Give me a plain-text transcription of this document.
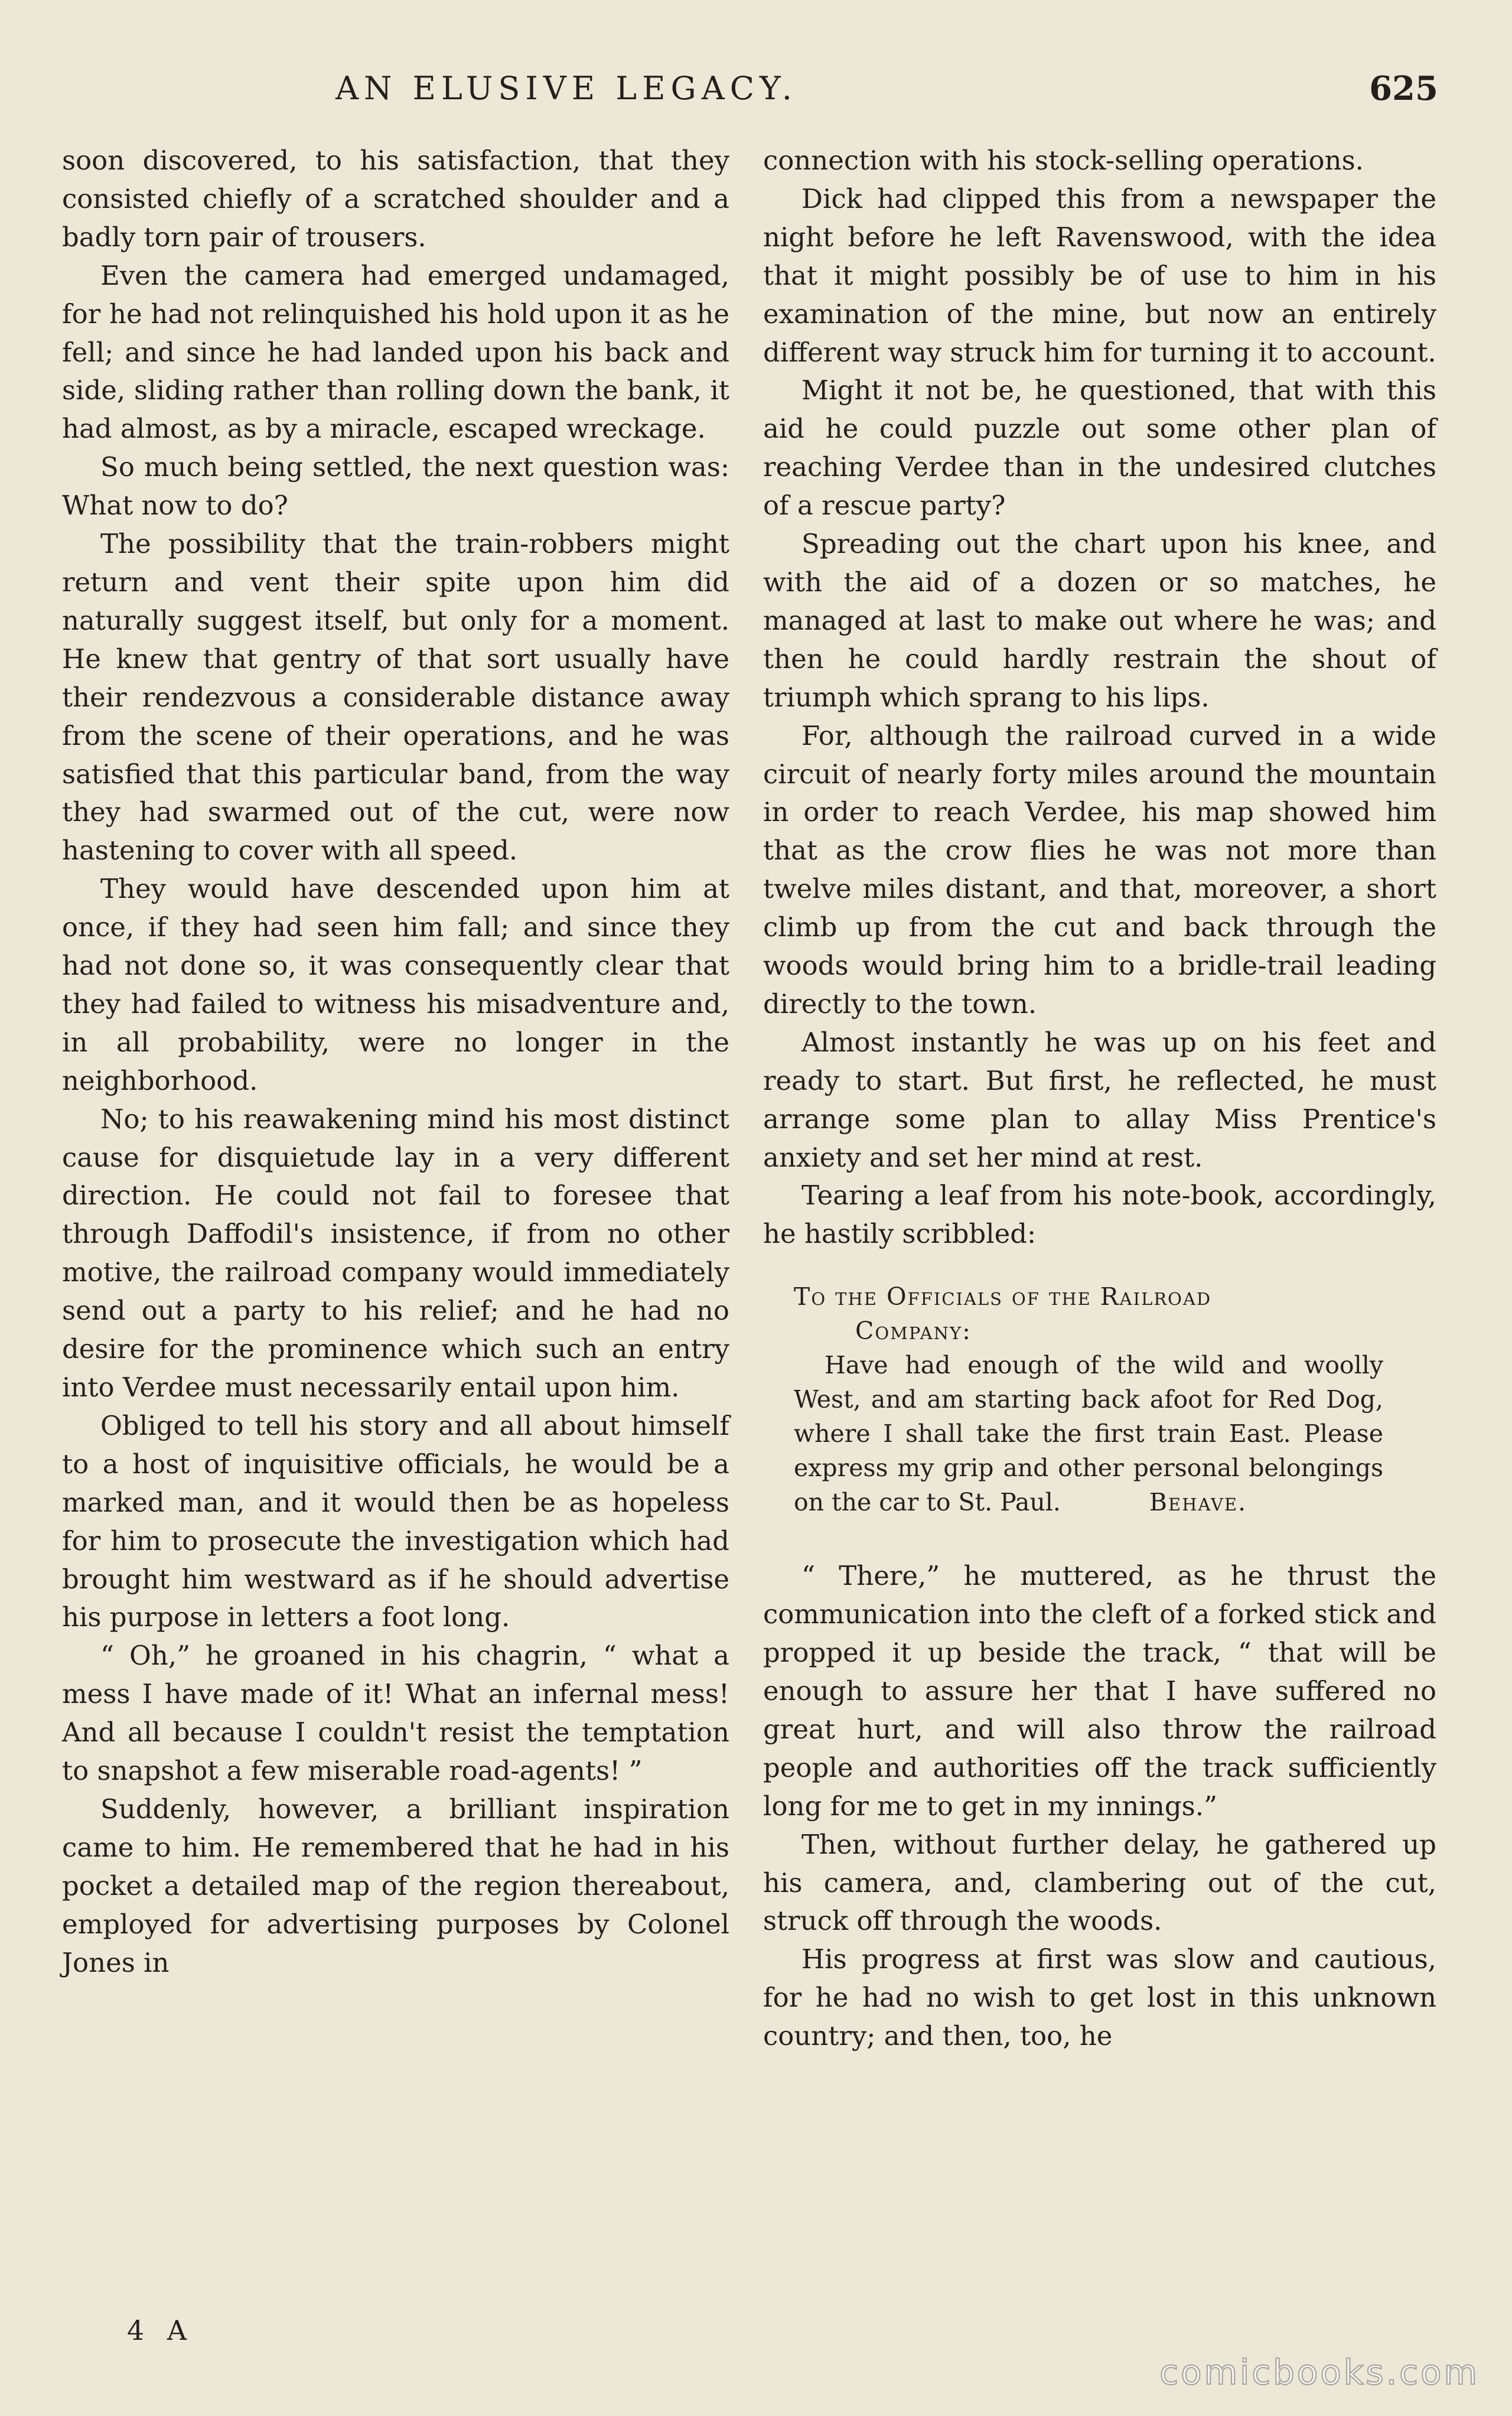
AN ELUSIVE LEGACY.	625

soon discovered, to his satisfaction, that they consisted chiefly of a scratched shoulder and a badly torn pair of trousers.

Even the camera had emerged undamaged, for he had not relinquished his hold upon it as he fell; and since he had landed upon his back and side, sliding rather than rolling down the bank, it had almost, as by a miracle, escaped wreckage.

So much being settled, the next question was: What now to do?

The possibility that the train-robbers might return and vent their spite upon him did naturally suggest itself, but only for a moment. He knew that gentry of that sort usually have their rendezvous a considerable distance away from the scene of their operations, and he was satisfied that this particular band, from the way they had swarmed out of the cut, were now hastening to cover with all speed.

They would have descended upon him at once, if they had seen him fall; and since they had not done so, it was consequently clear that they had failed to witness his misadventure and, in all probability, were no longer in the neighborhood.

No; to his reawakening mind his most distinct cause for disquietude lay in a very different direction. He could not fail to foresee that through Daffodil's insistence, if from no other motive, the railroad company would immediately send out a party to his relief; and he had no desire for the prominence which such an entry into Verdee must necessarily entail upon him.

Obliged to tell his story and all about himself to a host of inquisitive officials, he would be a marked man, and it would then be as hopeless for him to prosecute the investigation which had brought him westward as if he should advertise his purpose in letters a foot long.

“ Oh,” he groaned in his chagrin, “ what a mess I have made of it! What an infernal mess! And all because I couldn't resist the temptation to snapshot a few miserable road-agents! ”

Suddenly, however, a brilliant inspiration came to him. He remembered that he had in his pocket a detailed map of the region thereabout, employed for advertising purposes by Colonel Jones in

connection with his stock-selling operations.

Dick had clipped this from a newspaper the night before he left Ravenswood, with the idea that it might possibly be of use to him in his examination of the mine, but now an entirely different way struck him for turning it to account.

Might it not be, he questioned, that with this aid he could puzzle out some other plan of reaching Verdee than in the undesired clutches of a rescue party?

Spreading out the chart upon his knee, and with the aid of a dozen or so matches, he managed at last to make out where he was; and then he could hardly restrain the shout of triumph which sprang to his lips.

For, although the railroad curved in a wide circuit of nearly forty miles around the mountain in order to reach Verdee, his map showed him that as the crow flies he was not more than twelve miles distant, and that, moreover, a short climb up from the cut and back through the woods would bring him to a bridle-trail leading directly to the town.

Almost instantly he was up on his feet and ready to start. But first, he reflected, he must arrange some plan to allay Miss Prentice's anxiety and set her mind at rest.

Tearing a leaf from his note-book, accordingly, he hastily scribbled:

To the Officials of the Railroad
Company:

Have had enough of the wild and woolly West, and am starting back afoot for Red Dog, where I shall take the first train East. Please express my grip and other personal belongings on the car to St. Paul.	Behave.

“ There,” he muttered, as he thrust the communication into the cleft of a forked stick and propped it up beside the track, “ that will be enough to assure her that I have suffered no great hurt, and will also throw the railroad people and authorities off the track sufficiently long for me to get in my innings.”

Then, without further delay, he gathered up his camera, and, clambering out of the cut, struck off through the woods.

His progress at first was slow and cautious, for he had no wish to get lost in this unknown country; and then, too, he

4 A
comicbooks.com
